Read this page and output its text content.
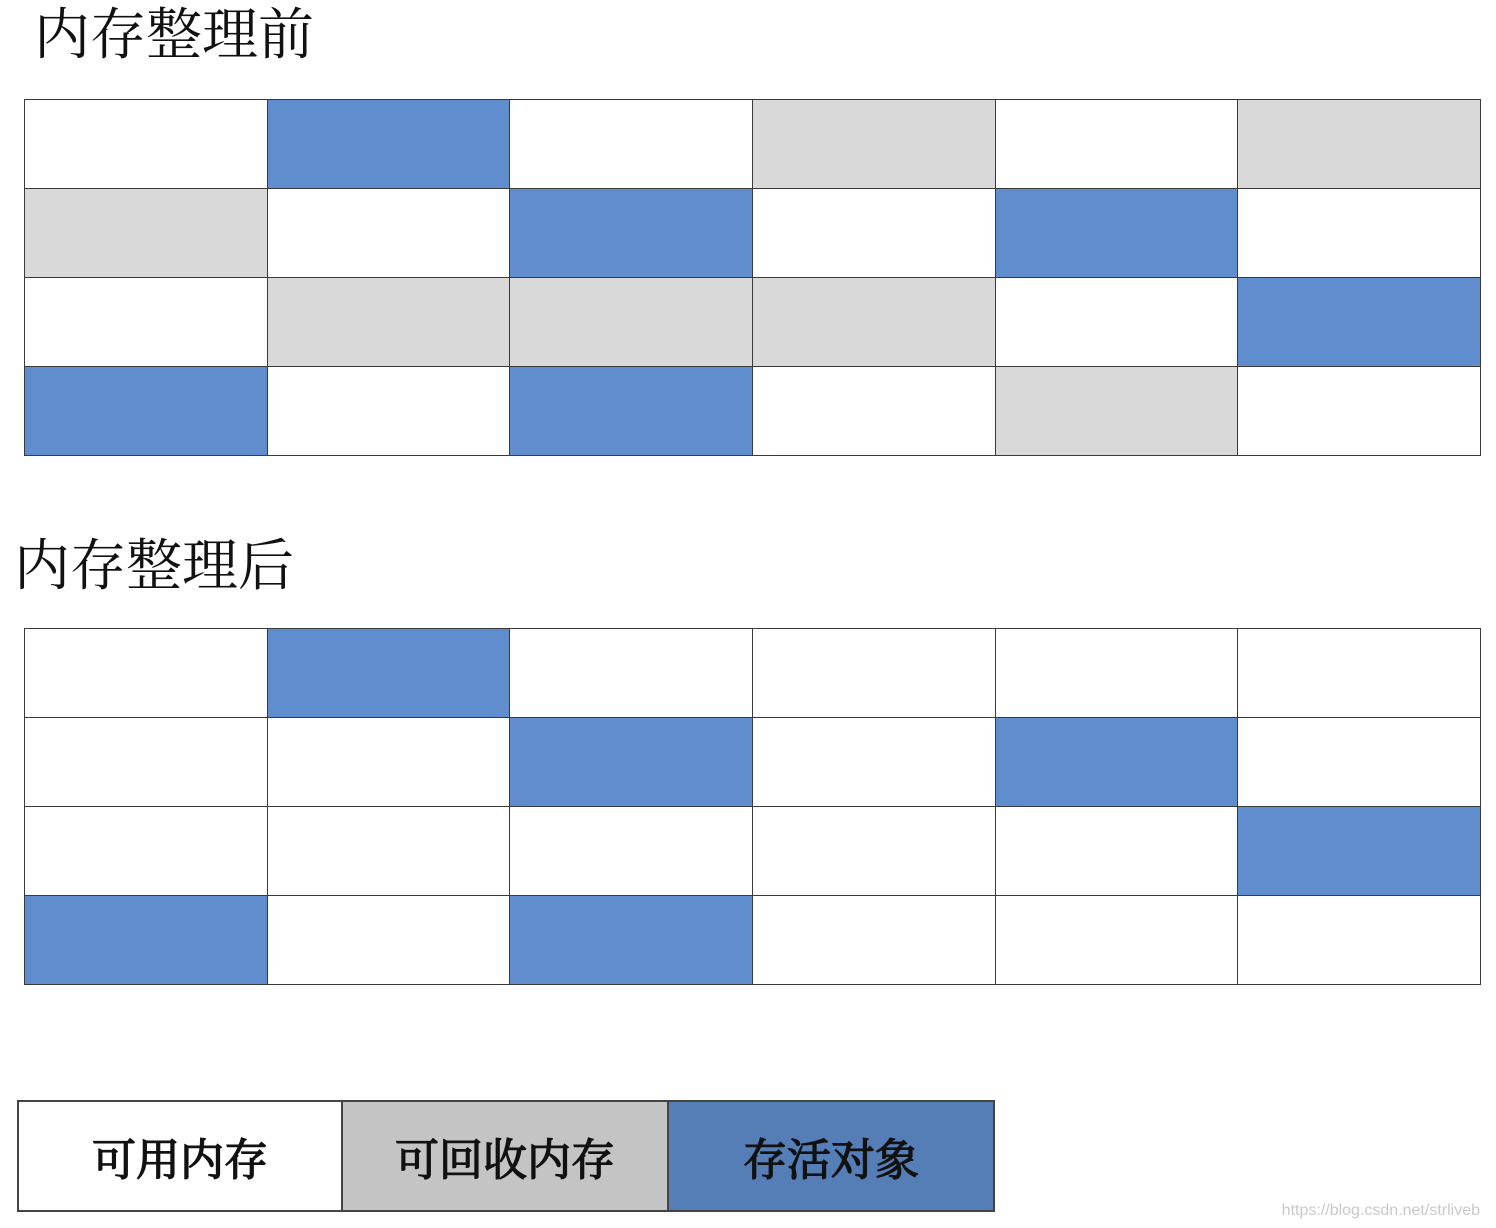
内存整理前
内存整理后
可用内存	可回收内存	存活对象
https://blog.csdn.net/strliveb
